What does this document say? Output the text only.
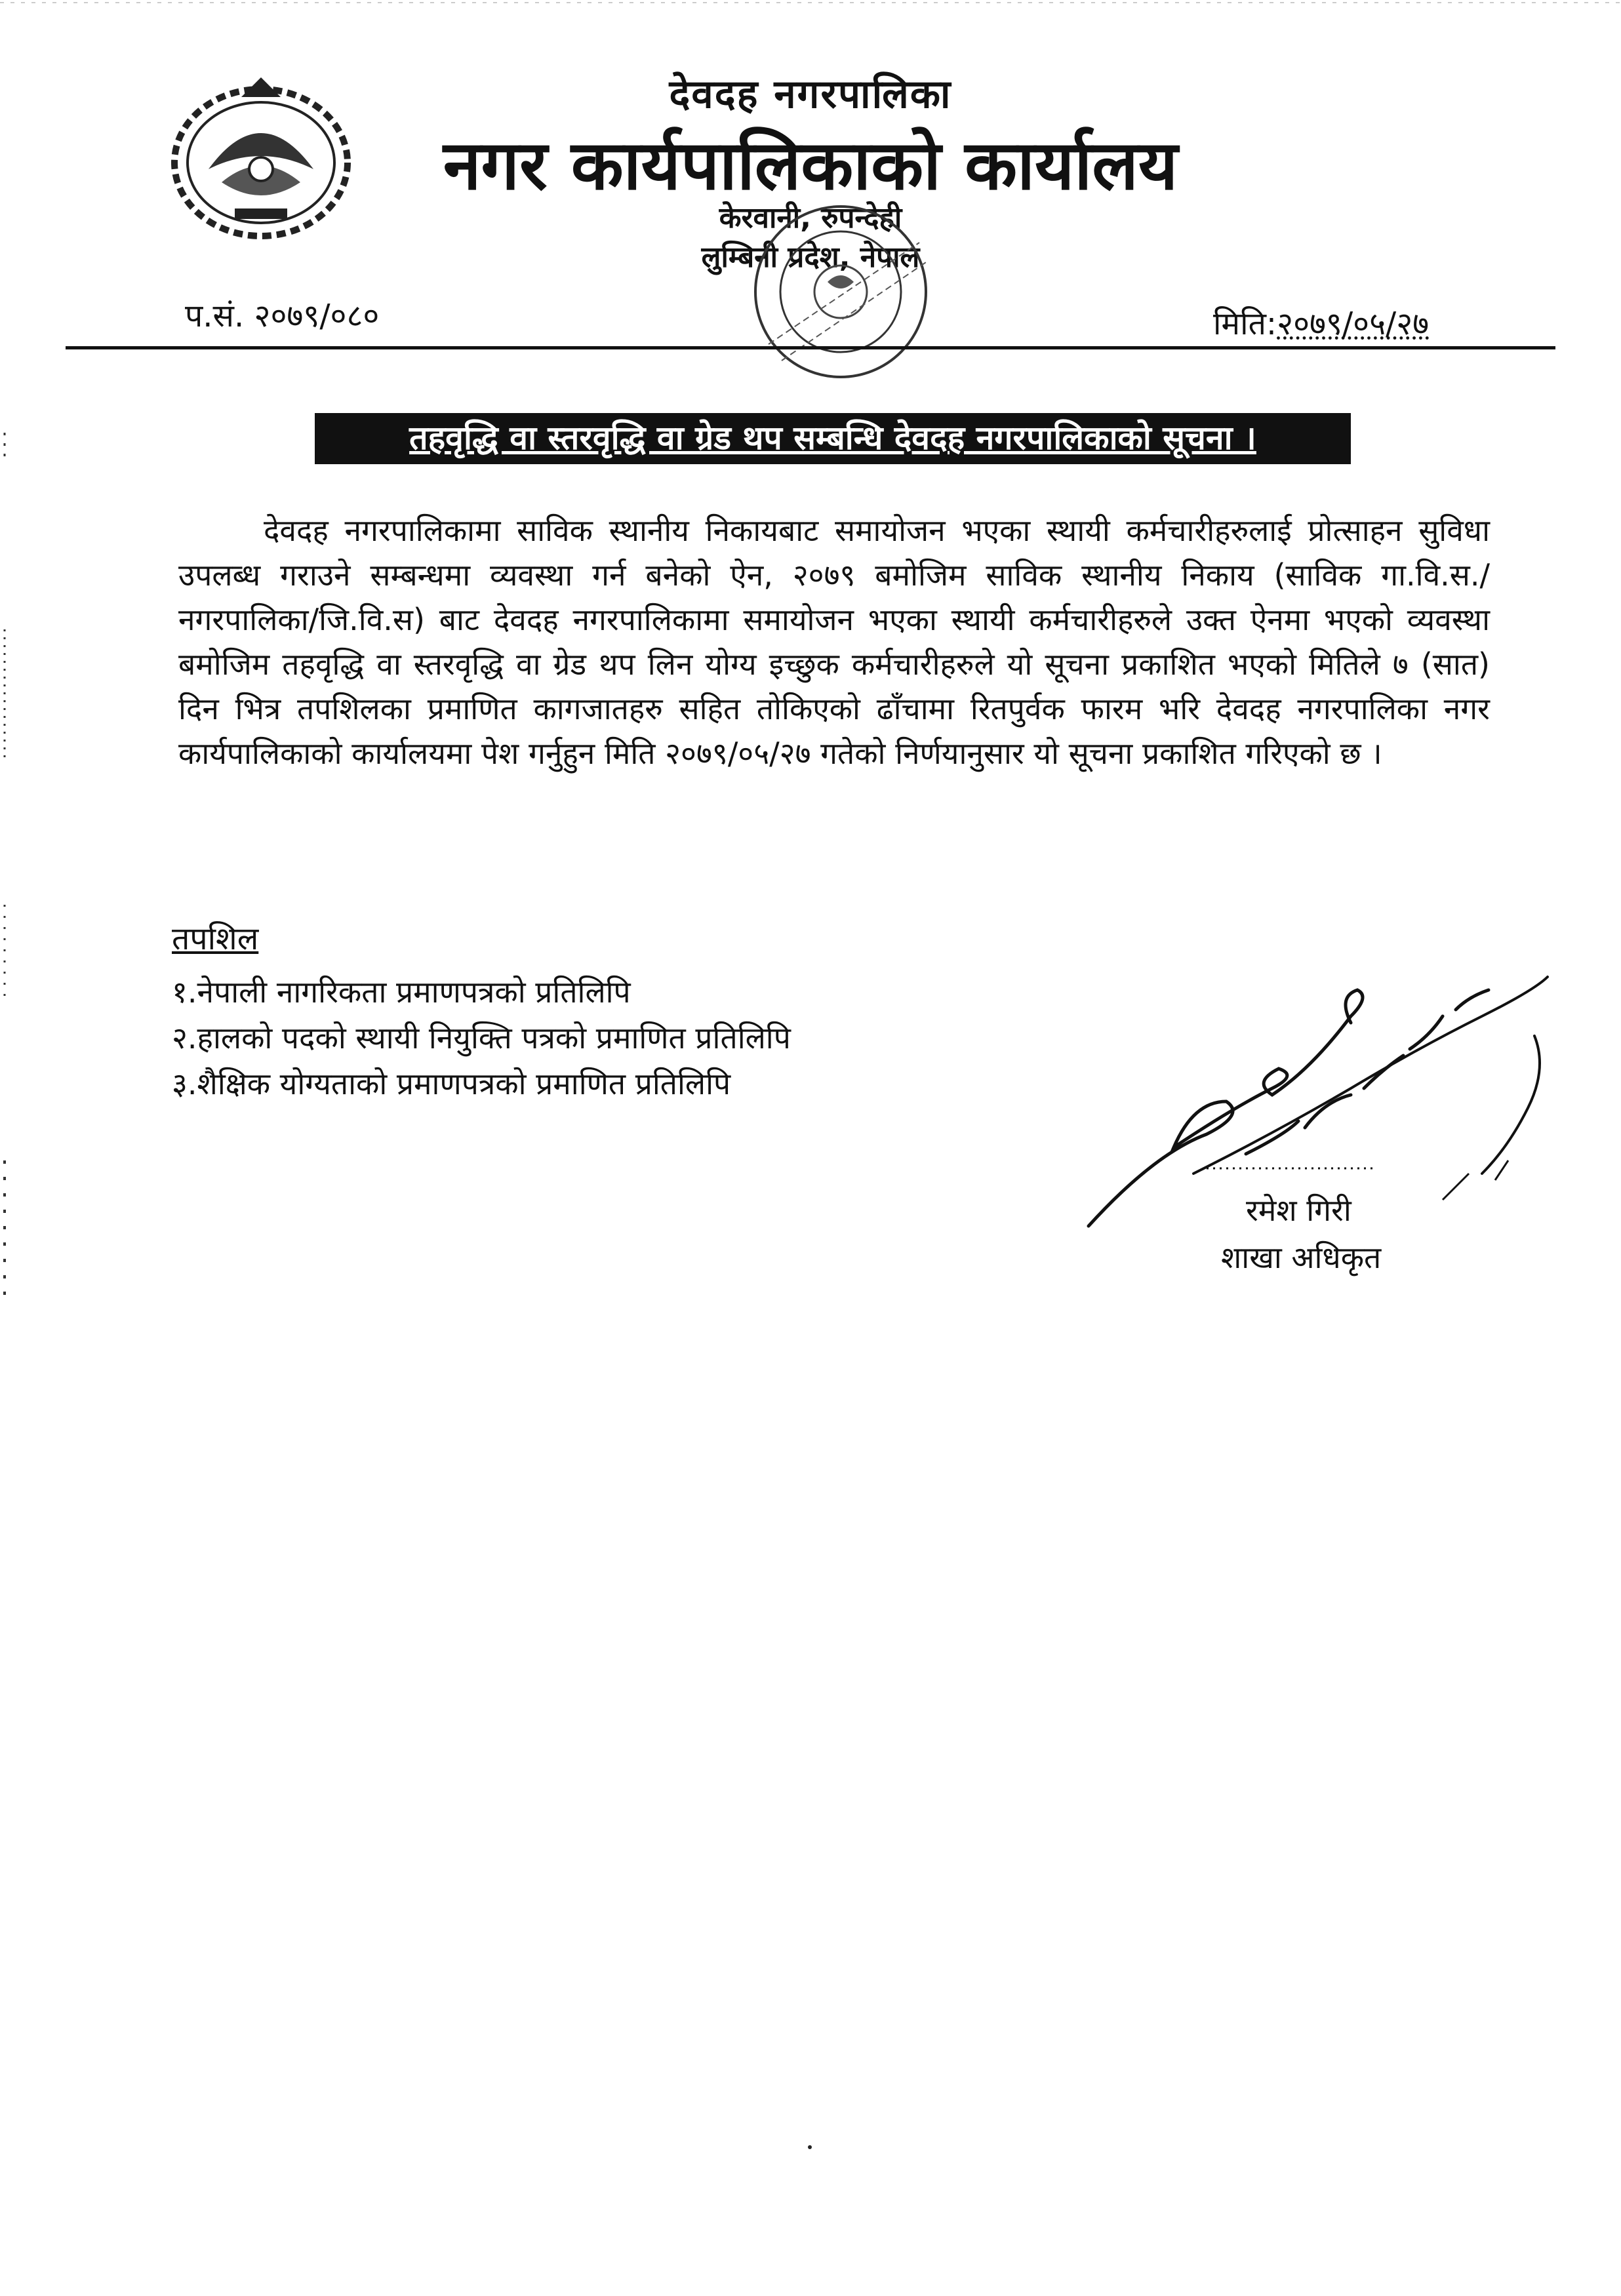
देवदह नगरपालिका
नगर कार्यपालिकाको कार्यालय
केरवानी, रुपन्देही
लुम्बिनी प्रदेश, नेपाल
प.सं. २०७९/०८०	मिति:२०७९/०५/२७
तहवृद्धि वा स्तरवृद्धि वा ग्रेड थप सम्बन्धि देवदह नगरपालिकाको सूचना ।
देवदह नगरपालिकामा साविक स्थानीय निकायबाट समायोजन भएका स्थायी कर्मचारीहरुलाई प्रोत्साहन सुविधा उपलब्ध गराउने सम्बन्धमा व्यवस्था गर्न बनेको ऐन, २०७९ बमोजिम साविक स्थानीय निकाय (साविक गा.वि.स./नगरपालिका/जि.वि.स) बाट देवदह नगरपालिकामा समायोजन भएका स्थायी कर्मचारीहरुले उक्त ऐनमा भएको व्यवस्था बमोजिम तहवृद्धि वा स्तरवृद्धि वा ग्रेड थप लिन योग्य इच्छुक कर्मचारीहरुले यो सूचना प्रकाशित भएको मितिले ७ (सात) दिन भित्र तपशिलका प्रमाणित कागजातहरु सहित तोकिएको ढाँचामा रितपुर्वक फारम भरि देवदह नगरपालिका नगर कार्यपालिकाको कार्यालयमा पेश गर्नुहुन मिति २०७९/०५/२७ गतेको निर्णयानुसार यो सूचना प्रकाशित गरिएको छ ।
तपशिल
१.नेपाली नागरिकता प्रमाणपत्रको प्रतिलिपि
२.हालको पदको स्थायी नियुक्ति पत्रको प्रमाणित प्रतिलिपि
३.शैक्षिक योग्यताको प्रमाणपत्रको प्रमाणित प्रतिलिपि
रमेश गिरी
शाखा अधिकृत
